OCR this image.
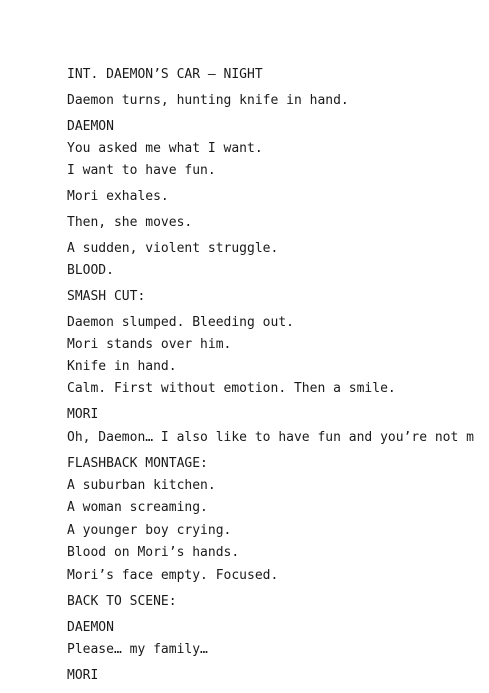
INT. DAEMON’S CAR — NIGHT

Daemon turns, hunting knife in hand.

DAEMON

You asked me what I want.

I want to have fun.

Mori exhales.

Then, she moves.

A sudden, violent struggle.

BLOOD.

SMASH CUT:

Daemon slumped. Bleeding out.

Mori stands over him.

Knife in hand.

Calm. First without emotion. Then a smile.

MORI

Oh, Daemon… I also like to have fun and you’re not m

FLASHBACK MONTAGE:

A suburban kitchen.

A woman screaming.

A younger boy crying.

Blood on Mori’s hands.

Mori’s face empty. Focused.

BACK TO SCENE:

DAEMON

Please… my family…

MORI
